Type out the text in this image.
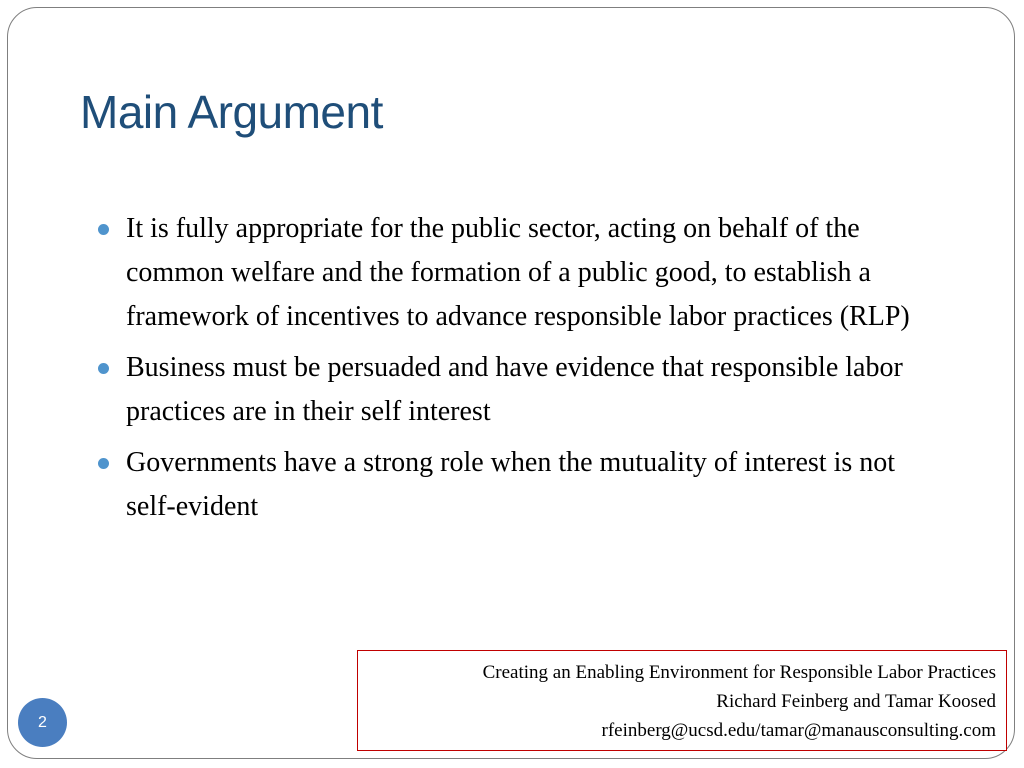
Main Argument
It is fully appropriate for the public sector, acting on behalf of the common welfare and the formation of a public good, to establish a framework of incentives to advance responsible labor practices (RLP)
Business must be persuaded and have evidence that responsible labor practices are in their self interest
Governments have a strong role when the mutuality of interest is not self-evident
Creating an Enabling Environment for Responsible Labor Practices
Richard Feinberg and Tamar Koosed
rfeinberg@ucsd.edu/tamar@manausconsulting.com
2
